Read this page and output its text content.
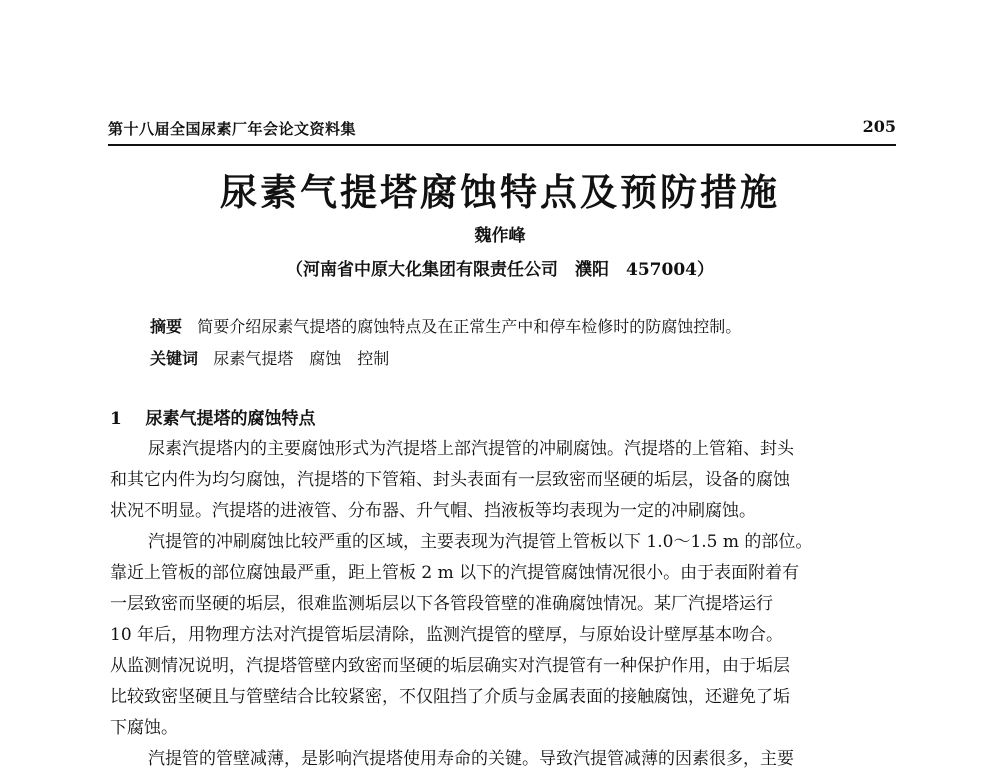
第十八届全国尿素厂年会论文资料集	205
尿素气提塔腐蚀特点及预防措施
魏作峰
（河南省中原大化集团有限责任公司　濮阳　457004）
摘要 简要介绍尿素气提塔的腐蚀特点及在正常生产中和停车检修时的防腐蚀控制。
关键词 尿素气提塔　腐蚀　控制
1 尿素气提塔的腐蚀特点
尿素汽提塔内的主要腐蚀形式为汽提塔上部汽提管的冲刷腐蚀。汽提塔的上管箱、封头
和其它内件为均匀腐蚀，汽提塔的下管箱、封头表面有一层致密而坚硬的垢层，设备的腐蚀
状况不明显。汽提塔的进液管、分布器、升气帽、挡液板等均表现为一定的冲刷腐蚀。
汽提管的冲刷腐蚀比较严重的区域，主要表现为汽提管上管板以下 1.0～1.5 m 的部位。
靠近上管板的部位腐蚀最严重，距上管板 2 m 以下的汽提管腐蚀情况很小。由于表面附着有
一层致密而坚硬的垢层，很难监测垢层以下各管段管壁的准确腐蚀情况。某厂汽提塔运行
10 年后，用物理方法对汽提管垢层清除，监测汽提管的壁厚，与原始设计壁厚基本吻合。
从监测情况说明，汽提塔管壁内致密而坚硬的垢层确实对汽提管有一种保护作用，由于垢层
比较致密坚硬且与管壁结合比较紧密，不仅阻挡了介质与金属表面的接触腐蚀，还避免了垢
下腐蚀。
汽提管的管壁减薄，是影响汽提塔使用寿命的关键。导致汽提管减薄的因素很多，主要
